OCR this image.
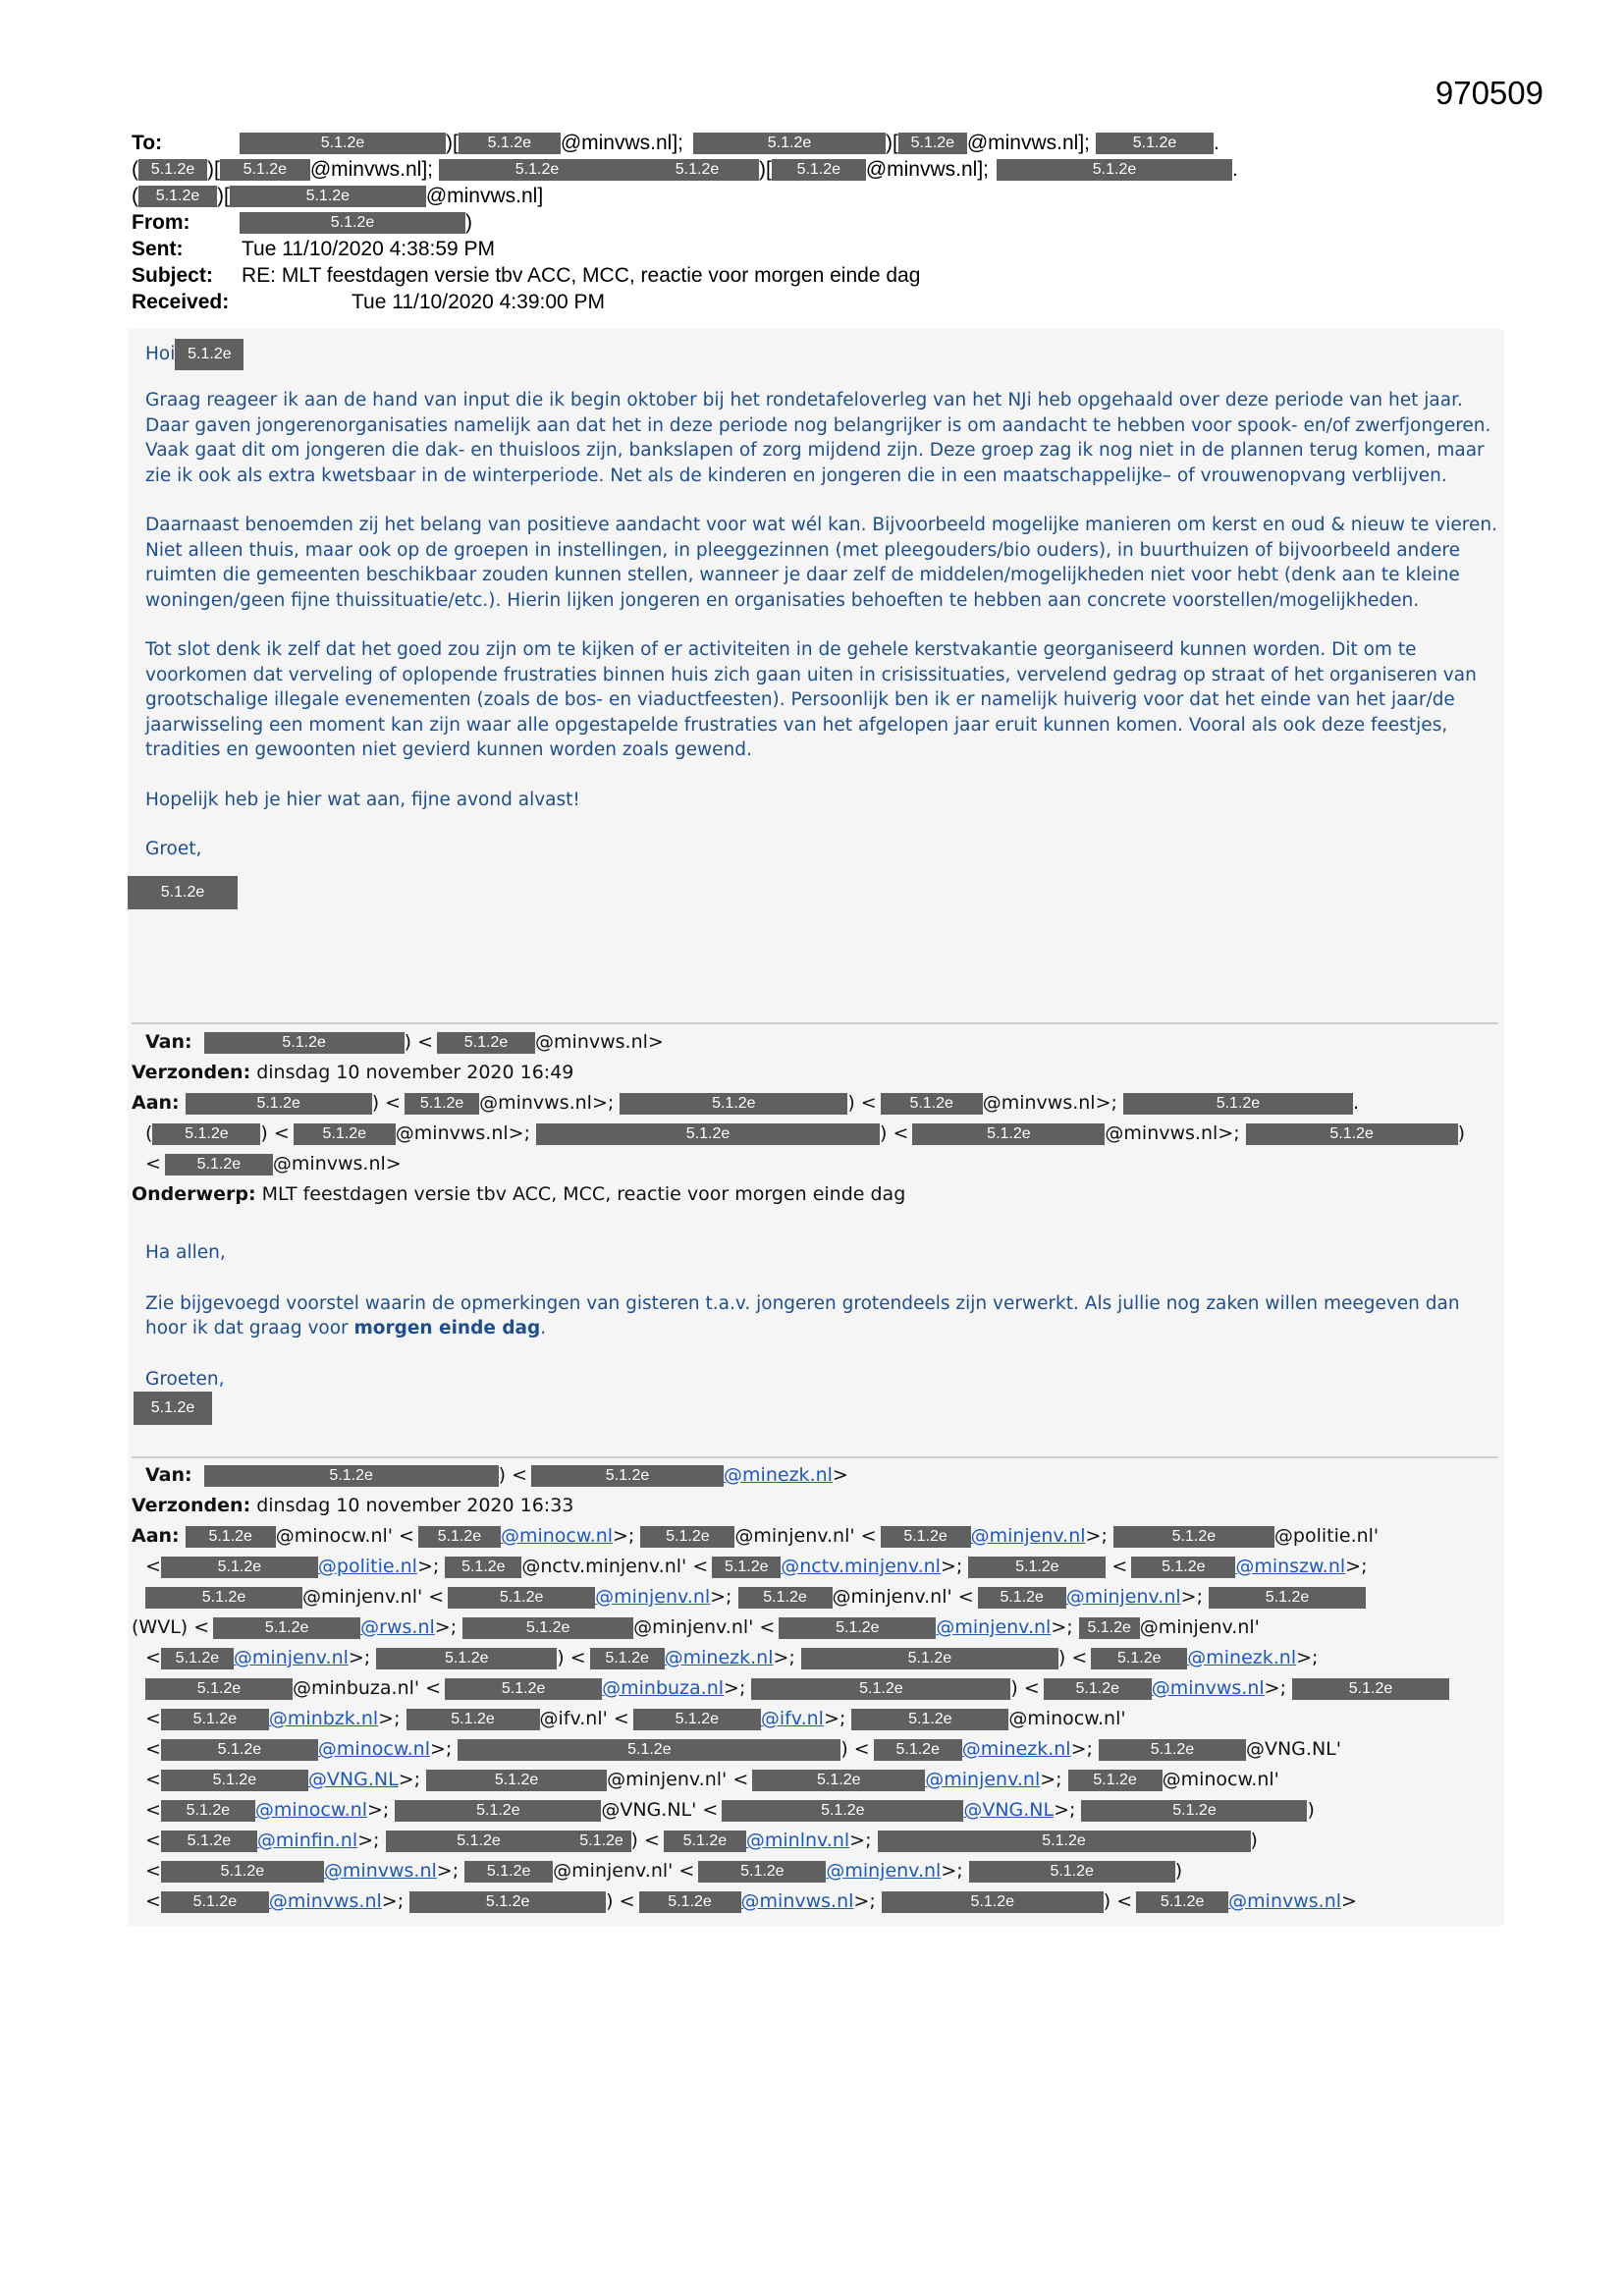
970509
To:	5.1.2e	)[ 5.1.2e @minvws.nl];	5.1.2e	)[ 5.1.2e @minvws.nl];	5.1.2e .
( 5.1.2e )[ 5.1.2e @minvws.nl];	5.1.2e	5.1.2e )[ 5.1.2e @minvws.nl];	5.1.2e	.
( 5.1.2e )[	5.1.2e	@minvws.nl]
From:	5.1.2e	)
Sent:	Tue 11/10/2020 4:38:59 PM
Subject: RE: MLT feestdagen versie tbv ACC, MCC, reactie voor morgen einde dag
Received:	Tue 11/10/2020 4:39:00 PM
Hoi 5.1.2e

Graag reageer ik aan de hand van input die ik begin oktober bij het rondetafeloverleg van het NJi heb opgehaald over deze periode van het jaar. Daar gaven jongerenorganisaties namelijk aan dat het in deze periode nog belangrijker is om aandacht te hebben voor spook- en/of zwerfjongeren. Vaak gaat dit om jongeren die dak- en thuisloos zijn, bankslapen of zorg mijdend zijn. Deze groep zag ik nog niet in de plannen terug komen, maar zie ik ook als extra kwetsbaar in de winterperiode. Net als de kinderen en jongeren die in een maatschappelijke– of vrouwenopvang verblijven.

Daarnaast benoemden zij het belang van positieve aandacht voor wat wél kan. Bijvoorbeeld mogelijke manieren om kerst en oud & nieuw te vieren. Niet alleen thuis, maar ook op de groepen in instellingen, in pleeggezinnen (met pleegouders/bio ouders), in buurthuizen of bijvoorbeeld andere ruimten die gemeenten beschikbaar zouden kunnen stellen, wanneer je daar zelf de middelen/mogelijkheden niet voor hebt (denk aan te kleine woningen/geen fijne thuissituatie/etc.). Hierin lijken jongeren en organisaties behoeften te hebben aan concrete voorstellen/mogelijkheden.

Tot slot denk ik zelf dat het goed zou zijn om te kijken of er activiteiten in de gehele kerstvakantie georganiseerd kunnen worden. Dit om te voorkomen dat verveling of oplopende frustraties binnen huis zich gaan uiten in crisissituaties, vervelend gedrag op straat of het organiseren van grootschalige illegale evenementen (zoals de bos- en viaductfeesten). Persoonlijk ben ik er namelijk huiverig voor dat het einde van het jaar/de jaarwisseling een moment kan zijn waar alle opgestapelde frustraties van het afgelopen jaar eruit kunnen komen. Vooral als ook deze feestjes, tradities en gewoonten niet gevierd kunnen worden zoals gewend.

Hopelijk heb je hier wat aan, fijne avond alvast!

Groet,

5.1.2e
Van:	5.1.2e	) < 5.1.2e @minvws.nl>
Verzonden: dinsdag 10 november 2020 16:49
Aan:	5.1.2e	) < 5.1.2e @minvws.nl>;	5.1.2e	) < 5.1.2e @minvws.nl>;	5.1.2e	.
( 5.1.2e ) < 5.1.2e @minvws.nl>;	5.1.2e	) <	5.1.2e	@minvws.nl>;	5.1.2e	)
< 5.1.2e @minvws.nl>
Onderwerp: MLT feestdagen versie tbv ACC, MCC, reactie voor morgen einde dag

Ha allen,

Zie bijgevoegd voorstel waarin de opmerkingen van gisteren t.a.v. jongeren grotendeels zijn verwerkt. Als jullie nog zaken willen meegeven dan hoor ik dat graag voor morgen einde dag.

Groeten,

5.1.2e
Van:	5.1.2e	) <	5.1.2e	@minezk.nl>
Verzonden: dinsdag 10 november 2020 16:33
Aan: 5.1.2e @minocw.nl' < 5.1.2e @minocw.nl>; 5.1.2e @minjenv.nl' < 5.1.2e @minjenv.nl>;	5.1.2e	@politie.nl'
<	5.1.2e	@politie.nl>; 5.1.2e @nctv.minjenv.nl' < 5.1.2e @nctv.minjenv.nl>;	5.1.2e	< 5.1.2e @minszw.nl>;
5.1.2e	@minjenv.nl' <	5.1.2e	@minjenv.nl>; 5.1.2e @minjenv.nl' < 5.1.2e @minjenv.nl>;	5.1.2e
(WVL) <	5.1.2e	@rws.nl>;	5.1.2e	@minjenv.nl' <	5.1.2e	@minjenv.nl>; 5.1.2e @minjenv.nl'
< 5.1.2e @minjenv.nl>;	5.1.2e	) < 5.1.2e @minezk.nl>;	5.1.2e	) < 5.1.2e @minezk.nl>;
5.1.2e	@minbuza.nl' <	5.1.2e	@minbuza.nl>;	5.1.2e	) < 5.1.2e @minvws.nl>;	5.1.2e
< 5.1.2e @minbzk.nl>;	5.1.2e @ifv.nl' <	5.1.2e @ifv.nl>;	5.1.2e	@minocw.nl'
<	5.1.2e	@minocw.nl>;	5.1.2e	) < 5.1.2e @minezk.nl>;	5.1.2e	@VNG.NL'
<	5.1.2e	@VNG.NL>;	5.1.2e	@minjenv.nl' <	5.1.2e	@minjenv.nl>; 5.1.2e @minocw.nl'
< 5.1.2e @minocw.nl>;	5.1.2e	@VNG.NL' <	5.1.2e	@VNG.NL>;	5.1.2e	)
< 5.1.2e @minfin.nl>;	5.1.2e	5.1.2e ) < 5.1.2e @minlnv.nl>;	5.1.2e	)
<	5.1.2e	@minvws.nl>; 5.1.2e @minjenv.nl' <	5.1.2e @minjenv.nl>;	5.1.2e	)
< 5.1.2e @minvws.nl>;	5.1.2e	) < 5.1.2e @minvws.nl>;	5.1.2e	) < 5.1.2e @minvws.nl>
